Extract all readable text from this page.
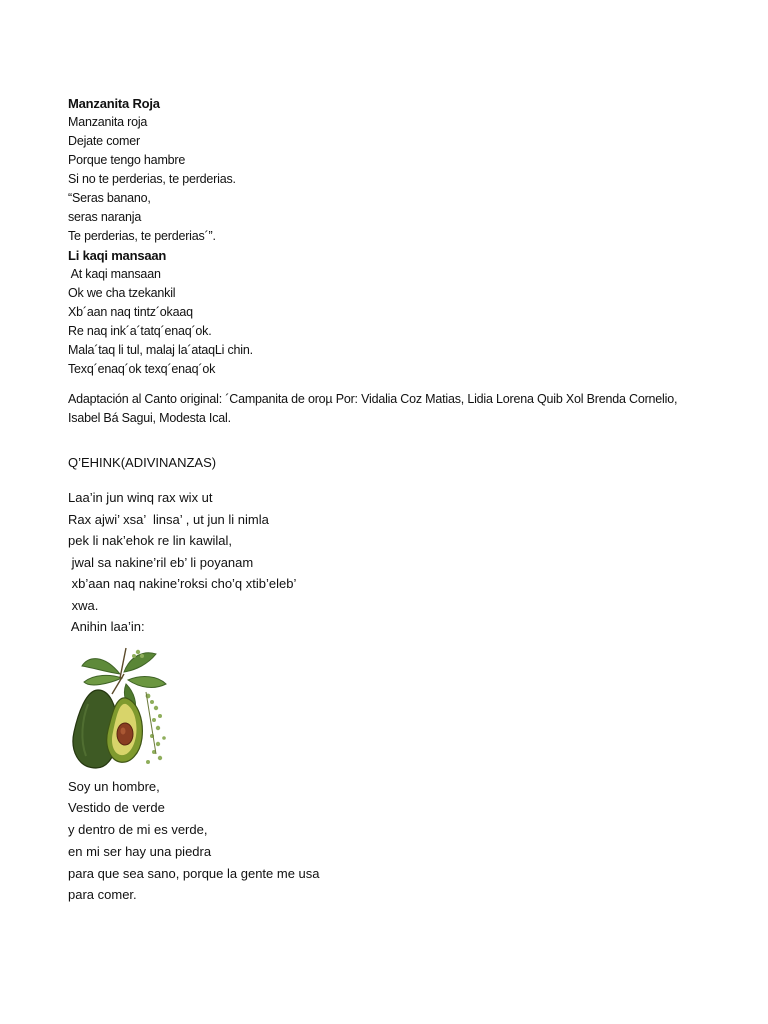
Manzanita Roja
Manzanita roja
Dejate comer
Porque tengo hambre
Si no te perderias, te perderias.
“Seras banano,
seras naranja
Te perderias, te perderias´”.
Li kaqi mansaan
At kaqi mansaan
Ok we cha tzekankil
Xb´aan naq tintz´okaaq
Re naq ink´a´tatq´enaq´ok.
Mala´taq li tul, malaj la´ataqLi chin.
Texq´enaq´ok texq´enaq´ok
Adaptación al Canto original: ´Campanita de oroµ Por: Vidalia Coz Matias, Lidia Lorena Quib Xol Brenda Cornelio, Isabel Bá Sagui, Modesta Ical.
Q’EHINK(ADIVINANZAS)
Laa’in jun winq rax wix ut
Rax ajwi’ xsa’  linsa’ , ut jun li nimla
pek li nak’ehok re lin kawilal,
jwal sa nakine’ril eb’ li poyanam
xb’aan naq nakine’roksi cho’q xtib’eleb’
xwa.
Anihin laa’in:
Soy un hombre,
Vestido de verde
y dentro de mi es verde,
en mi ser hay una piedra
para que sea sano, porque la gente me usa
para comer.
